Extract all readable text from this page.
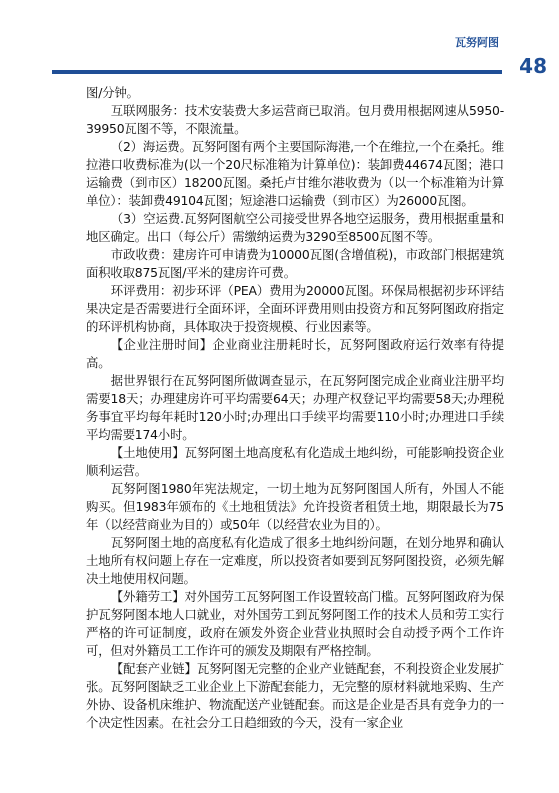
瓦努阿图
48

图/分钟。

互联网服务：技术安装费大多运营商已取消。包月费用根据网速从5950-39950瓦图不等，不限流量。

（2）海运费。瓦努阿图有两个主要国际海港,一个在维拉,一个在桑托。维拉港口收费标准为(以一个20尺标准箱为计算单位)：装卸费44674瓦图；港口运输费（到市区）18200瓦图。桑托卢甘维尔港收费为（以一个标准箱为计算单位）：装卸费49104瓦图；短途港口运输费（到市区）为26000瓦图。

（3）空运费.瓦努阿图航空公司接受世界各地空运服务，费用根据重量和地区确定。出口（每公斤）需缴纳运费为3290至8500瓦图不等。

市政收费：建房许可申请费为10000瓦图(含增值税)，市政部门根据建筑面积收取875瓦图/平米的建房许可费。

环评费用：初步环评（PEA）费用为20000瓦图。环保局根据初步环评结果决定是否需要进行全面环评，全面环评费用则由投资方和瓦努阿图政府指定的环评机构协商，具体取决于投资规模、行业因素等。

【企业注册时间】企业商业注册耗时长，瓦努阿图政府运行效率有待提高。

据世界银行在瓦努阿图所做调查显示，在瓦努阿图完成企业商业注册平均需要18天；办理建房许可平均需要64天；办理产权登记平均需要58天;办理税务事宜平均每年耗时120小时;办理出口手续平均需要110小时;办理进口手续平均需要174小时。

【土地使用】瓦努阿图土地高度私有化造成土地纠纷，可能影响投资企业顺利运营。

瓦努阿图1980年宪法规定，一切土地为瓦努阿图国人所有，外国人不能购买。但1983年颁布的《土地租赁法》允许投资者租赁土地，期限最长为75年（以经营商业为目的）或50年（以经营农业为目的）。

瓦努阿图土地的高度私有化造成了很多土地纠纷问题，在划分地界和确认土地所有权问题上存在一定难度，所以投资者如要到瓦努阿图投资，必须先解决土地使用权问题。

【外籍劳工】对外国劳工瓦努阿图工作设置较高门槛。瓦努阿图政府为保护瓦努阿图本地人口就业，对外国劳工到瓦努阿图工作的技术人员和劳工实行严格的许可证制度，政府在颁发外资企业营业执照时会自动授予两个工作许可，但对外籍员工工作许可的颁发及期限有严格控制。

【配套产业链】瓦努阿图无完整的企业产业链配套，不利投资企业发展扩张。瓦努阿图缺乏工业企业上下游配套能力，无完整的原材料就地采购、生产外协、设备机床维护、物流配送产业链配套。而这是企业是否具有竞争力的一个决定性因素。在社会分工日趋细致的今天，没有一家企业
